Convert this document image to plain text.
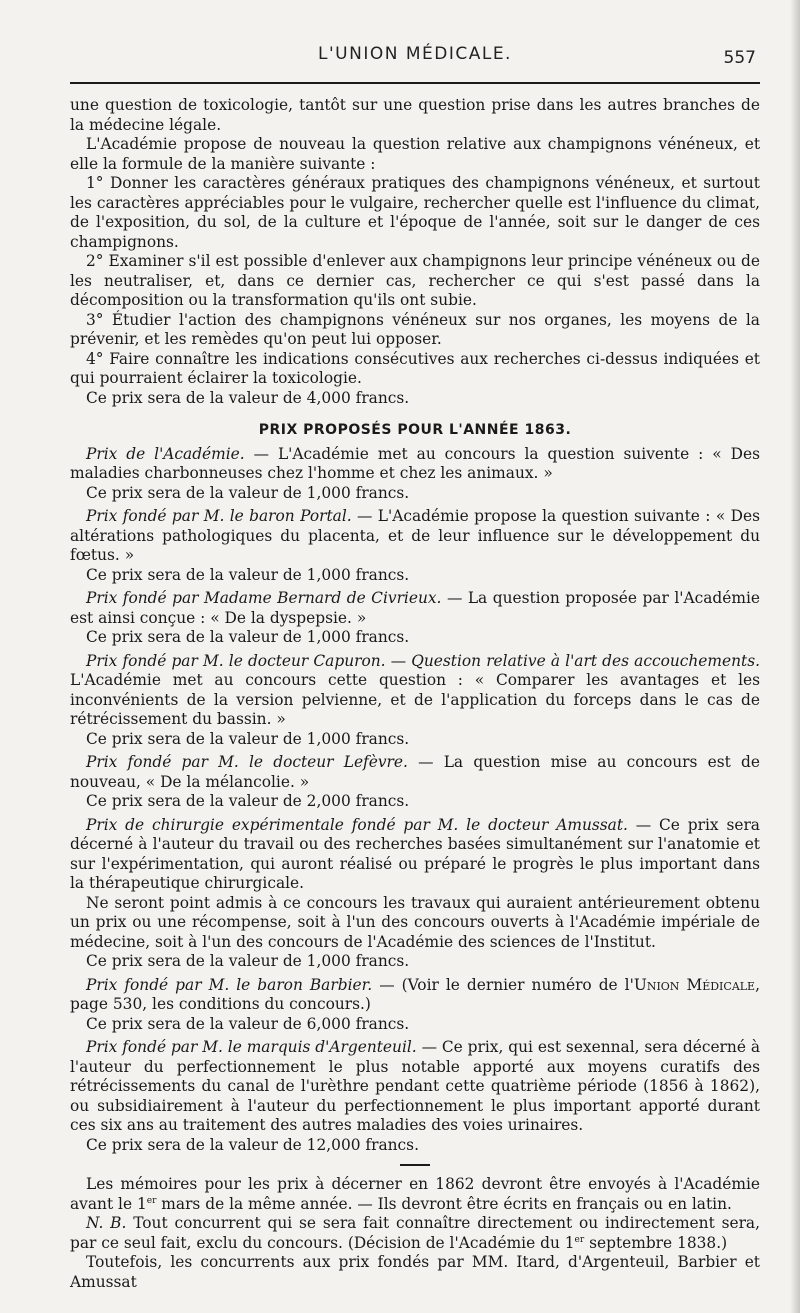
L'UNION MÉDICALE.	557

une question de toxicologie, tantôt sur une question prise dans les autres branches de la médecine légale.

L'Académie propose de nouveau la question relative aux champignons vénéneux, et elle la formule de la manière suivante :

1° Donner les caractères généraux pratiques des champignons vénéneux, et surtout les caractères appréciables pour le vulgaire, rechercher quelle est l'influence du climat, de l'exposition, du sol, de la culture et l'époque de l'année, soit sur le danger de ces champignons.

2° Examiner s'il est possible d'enlever aux champignons leur principe vénéneux ou de les neutraliser, et, dans ce dernier cas, rechercher ce qui s'est passé dans la décomposition ou la transformation qu'ils ont subie.

3° Étudier l'action des champignons vénéneux sur nos organes, les moyens de la prévenir, et les remèdes qu'on peut lui opposer.

4° Faire connaître les indications consécutives aux recherches ci-dessus indiquées et qui pourraient éclairer la toxicologie.

Ce prix sera de la valeur de 4,000 francs.

PRIX PROPOSÉS POUR L'ANNÉE 1863.

Prix de l'Académie. — L'Académie met au concours la question suivente : « Des maladies charbonneuses chez l'homme et chez les animaux. »

Ce prix sera de la valeur de 1,000 francs.

Prix fondé par M. le baron Portal. — L'Académie propose la question suivante : « Des altérations pathologiques du placenta, et de leur influence sur le développement du fœtus. »

Ce prix sera de la valeur de 1,000 francs.

Prix fondé par Madame Bernard de Civrieux. — La question proposée par l'Académie est ainsi conçue : « De la dyspepsie. »

Ce prix sera de la valeur de 1,000 francs.

Prix fondé par M. le docteur Capuron. — Question relative à l'art des accouchements. L'Académie met au concours cette question : « Comparer les avantages et les inconvénients de la version pelvienne, et de l'application du forceps dans le cas de rétrécissement du bassin. »

Ce prix sera de la valeur de 1,000 francs.

Prix fondé par M. le docteur Lefèvre. — La question mise au concours est de nouveau, « De la mélancolie. »

Ce prix sera de la valeur de 2,000 francs.

Prix de chirurgie expérimentale fondé par M. le docteur Amussat. — Ce prix sera décerné à l'auteur du travail ou des recherches basées simultanément sur l'anatomie et sur l'expérimentation, qui auront réalisé ou préparé le progrès le plus important dans la thérapeutique chirurgicale.

Ne seront point admis à ce concours les travaux qui auraient antérieurement obtenu un prix ou une récompense, soit à l'un des concours ouverts à l'Académie impériale de médecine, soit à l'un des concours de l'Académie des sciences de l'Institut.

Ce prix sera de la valeur de 1,000 francs.

Prix fondé par M. le baron Barbier. — (Voir le dernier numéro de l'Union Médicale, page 530, les conditions du concours.)

Ce prix sera de la valeur de 6,000 francs.

Prix fondé par M. le marquis d'Argenteuil. — Ce prix, qui est sexennal, sera décerné à l'auteur du perfectionnement le plus notable apporté aux moyens curatifs des rétrécissements du canal de l'urèthre pendant cette quatrième période (1856 à 1862), ou subsidiairement à l'auteur du perfectionnement le plus important apporté durant ces six ans au traitement des autres maladies des voies urinaires.

Ce prix sera de la valeur de 12,000 francs.

Les mémoires pour les prix à décerner en 1862 devront être envoyés à l'Académie avant le 1er mars de la même année. — Ils devront être écrits en français ou en latin.

N. B. Tout concurrent qui se sera fait connaître directement ou indirectement sera, par ce seul fait, exclu du concours. (Décision de l'Académie du 1er septembre 1838.)

Toutefois, les concurrents aux prix fondés par MM. Itard, d'Argenteuil, Barbier et Amussat
